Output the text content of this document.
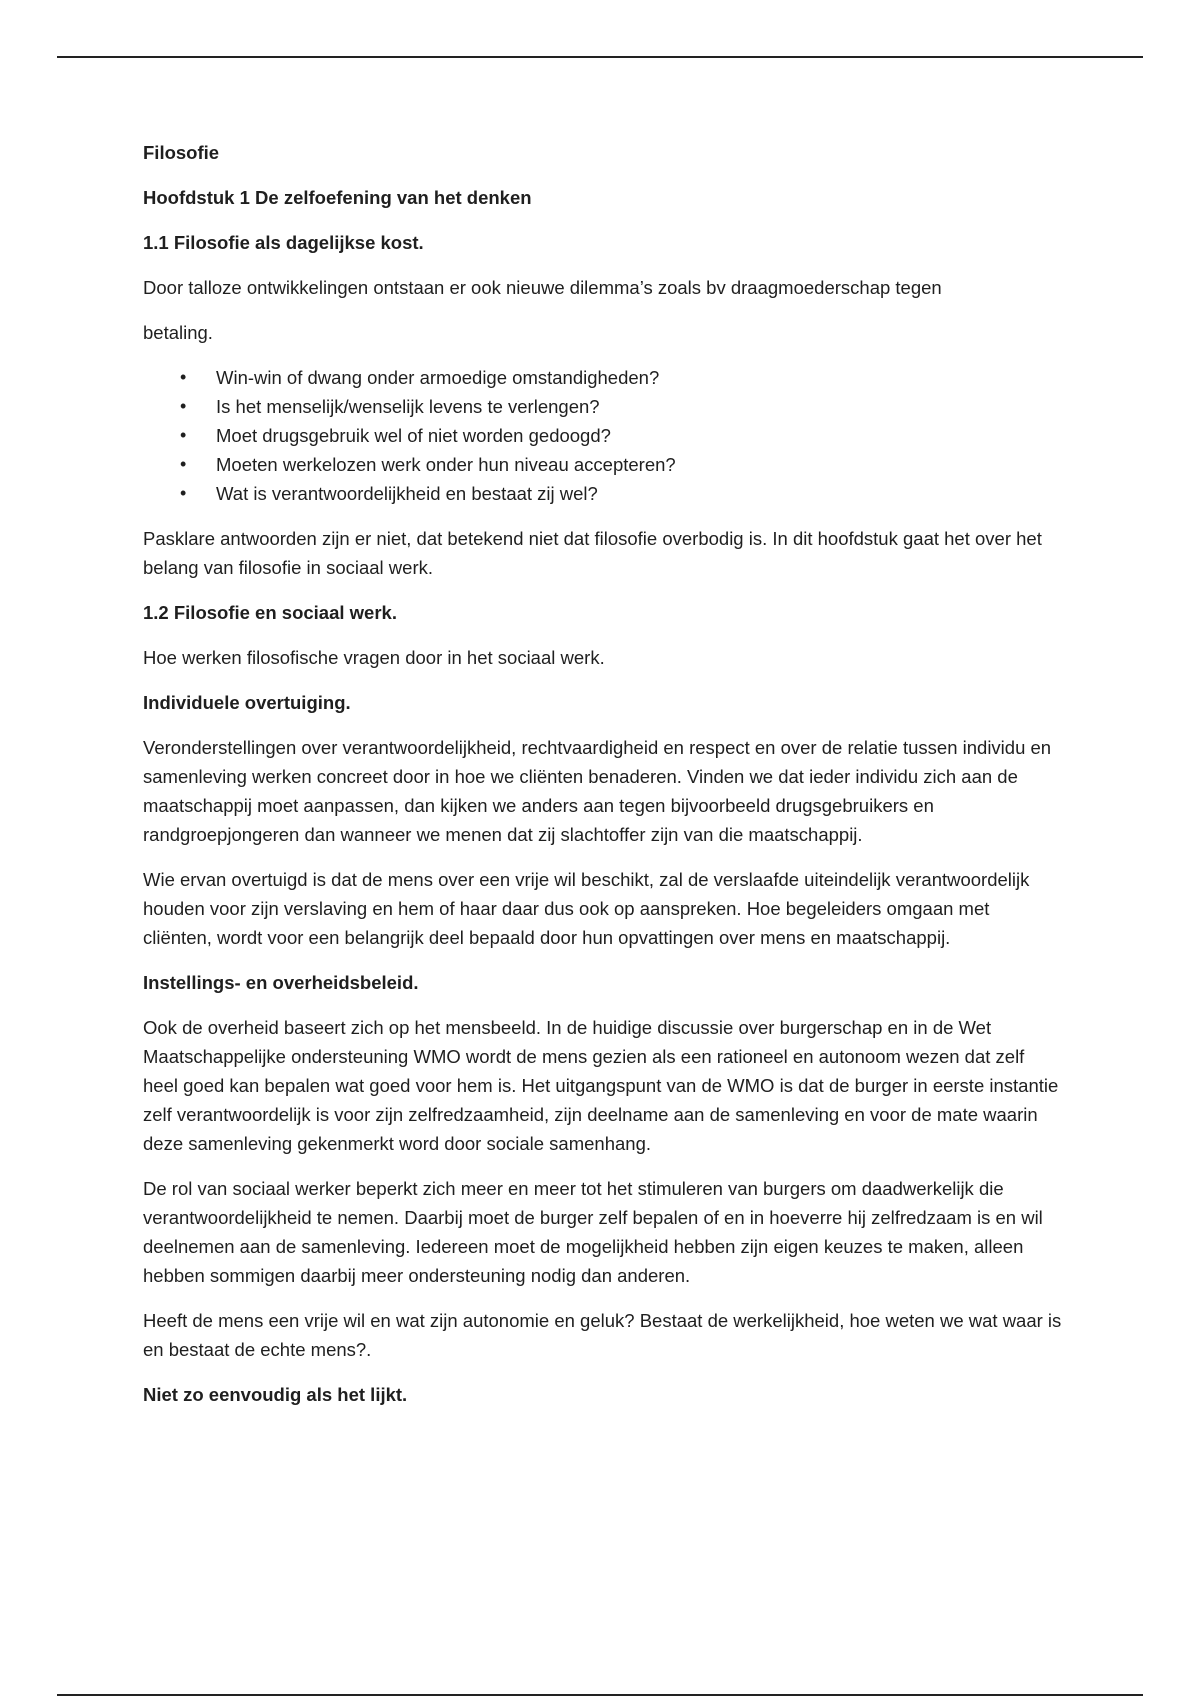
Filosofie

Hoofdstuk 1 De zelfoefening van het denken

1.1 Filosofie als dagelijkse kost.

Door talloze ontwikkelingen ontstaan er ook nieuwe dilemma’s zoals bv draagmoederschap tegen

betaling.

• Win-win of dwang onder armoedige omstandigheden?
• Is het menselijk/wenselijk levens te verlengen?
• Moet drugsgebruik wel of niet worden gedoogd?
• Moeten werkelozen werk onder hun niveau accepteren?
• Wat is verantwoordelijkheid en bestaat zij wel?

Pasklare antwoorden zijn er niet, dat betekend niet dat filosofie overbodig is. In dit hoofdstuk gaat het over het belang van filosofie in sociaal werk.

1.2 Filosofie en sociaal werk.

Hoe werken filosofische vragen door in het sociaal werk.

Individuele overtuiging.

Veronderstellingen over verantwoordelijkheid, rechtvaardigheid en respect en over de relatie tussen individu en samenleving werken concreet door in hoe we cliënten benaderen. Vinden we dat ieder individu zich aan de maatschappij moet aanpassen, dan kijken we anders aan tegen bijvoorbeeld drugsgebruikers en randgroepjongeren dan wanneer we menen dat zij slachtoffer zijn van die maatschappij.

Wie ervan overtuigd is dat de mens over een vrije wil beschikt, zal de verslaafde uiteindelijk verantwoordelijk houden voor zijn verslaving en hem of haar daar dus ook op aanspreken. Hoe begeleiders omgaan met cliënten, wordt voor een belangrijk deel bepaald door hun opvattingen over mens en maatschappij.

Instellings- en overheidsbeleid.

Ook de overheid baseert zich op het mensbeeld. In de huidige discussie over burgerschap en in de Wet Maatschappelijke ondersteuning WMO wordt de mens gezien als een rationeel en autonoom wezen dat zelf heel goed kan bepalen wat goed voor hem is. Het uitgangspunt van de WMO is dat de burger in eerste instantie zelf verantwoordelijk is voor zijn zelfredzaamheid, zijn deelname aan de samenleving en voor de mate waarin deze samenleving gekenmerkt word door sociale samenhang.

De rol van sociaal werker beperkt zich meer en meer tot het stimuleren van burgers om daadwerkelijk die verantwoordelijkheid te nemen. Daarbij moet de burger zelf bepalen of en in hoeverre hij zelfredzaam is en wil deelnemen aan de samenleving. Iedereen moet de mogelijkheid hebben zijn eigen keuzes te maken, alleen hebben sommigen daarbij meer ondersteuning nodig dan anderen.

Heeft de mens een vrije wil en wat zijn autonomie en geluk? Bestaat de werkelijkheid, hoe weten we wat waar is en bestaat de echte mens?.

Niet zo eenvoudig als het lijkt.
